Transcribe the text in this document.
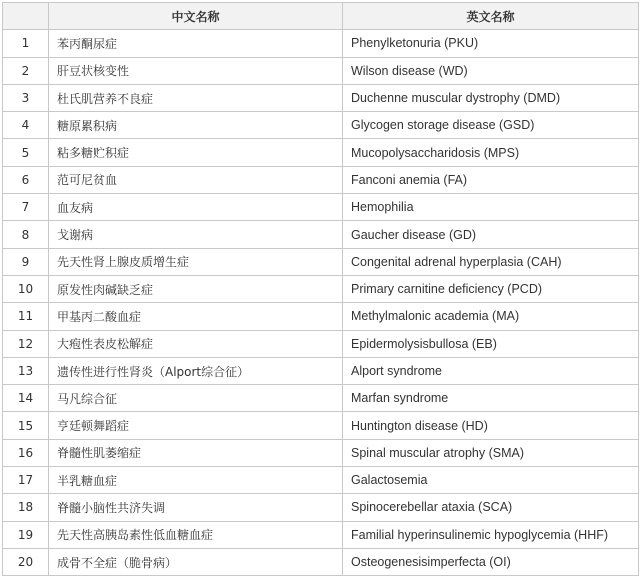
	中文名称	英文名称
1	苯丙酮尿症	Phenylketonuria (PKU)
2	肝豆状核变性	Wilson disease (WD)
3	杜氏肌营养不良症	Duchenne muscular dystrophy (DMD)
4	糖原累积病	Glycogen storage disease (GSD)
5	粘多糖贮积症	Mucopolysaccharidosis (MPS)
6	范可尼贫血	Fanconi anemia (FA)
7	血友病	Hemophilia
8	戈谢病	Gaucher disease (GD)
9	先天性肾上腺皮质增生症	Congenital adrenal hyperplasia (CAH)
10	原发性肉碱缺乏症	Primary carnitine deficiency (PCD)
11	甲基丙二酸血症	Methylmalonic academia (MA)
12	大疱性表皮松解症	Epidermolysisbullosa (EB)
13	遗传性进行性肾炎（Alport综合征）	Alport syndrome
14	马凡综合征	Marfan syndrome
15	亨廷顿舞蹈症	Huntington disease (HD)
16	脊髓性肌萎缩症	Spinal muscular atrophy (SMA)
17	半乳糖血症	Galactosemia
18	脊髓小脑性共济失调	Spinocerebellar ataxia (SCA)
19	先天性高胰岛素性低血糖血症	Familial hyperinsulinemic hypoglycemia (HHF)
20	成骨不全症（脆骨病）	Osteogenesisimperfecta (OI)
